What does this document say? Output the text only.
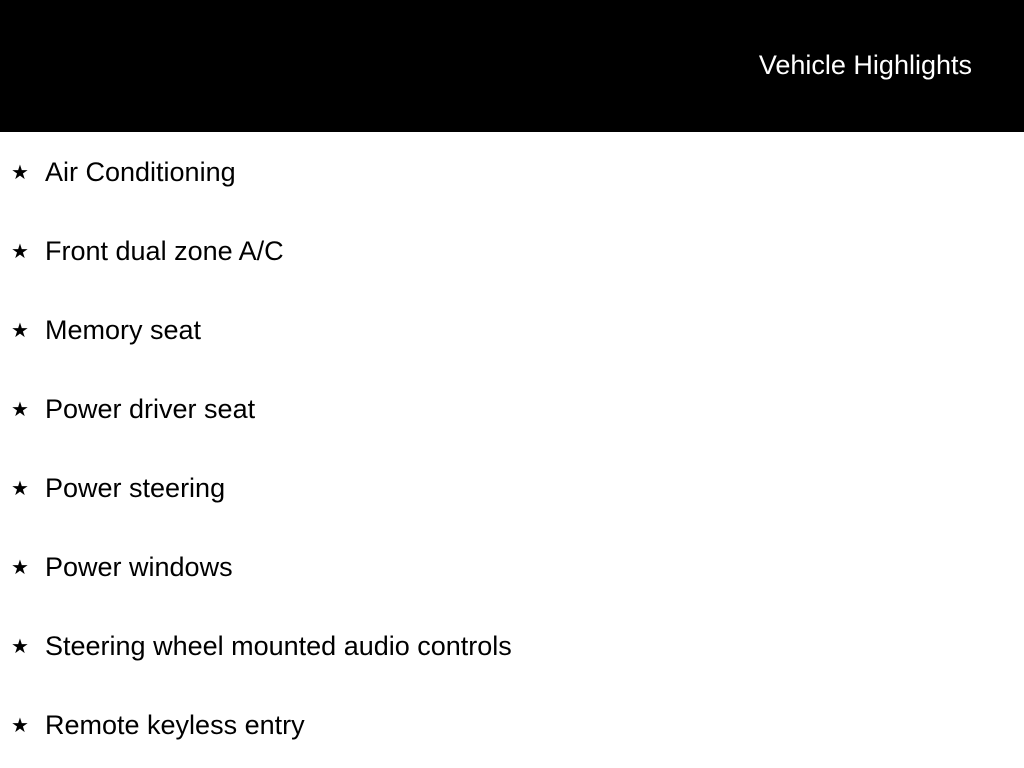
Vehicle Highlights
★ Air Conditioning
★ Front dual zone A/C
★ Memory seat
★ Power driver seat
★ Power steering
★ Power windows
★ Steering wheel mounted audio controls
★ Remote keyless entry
